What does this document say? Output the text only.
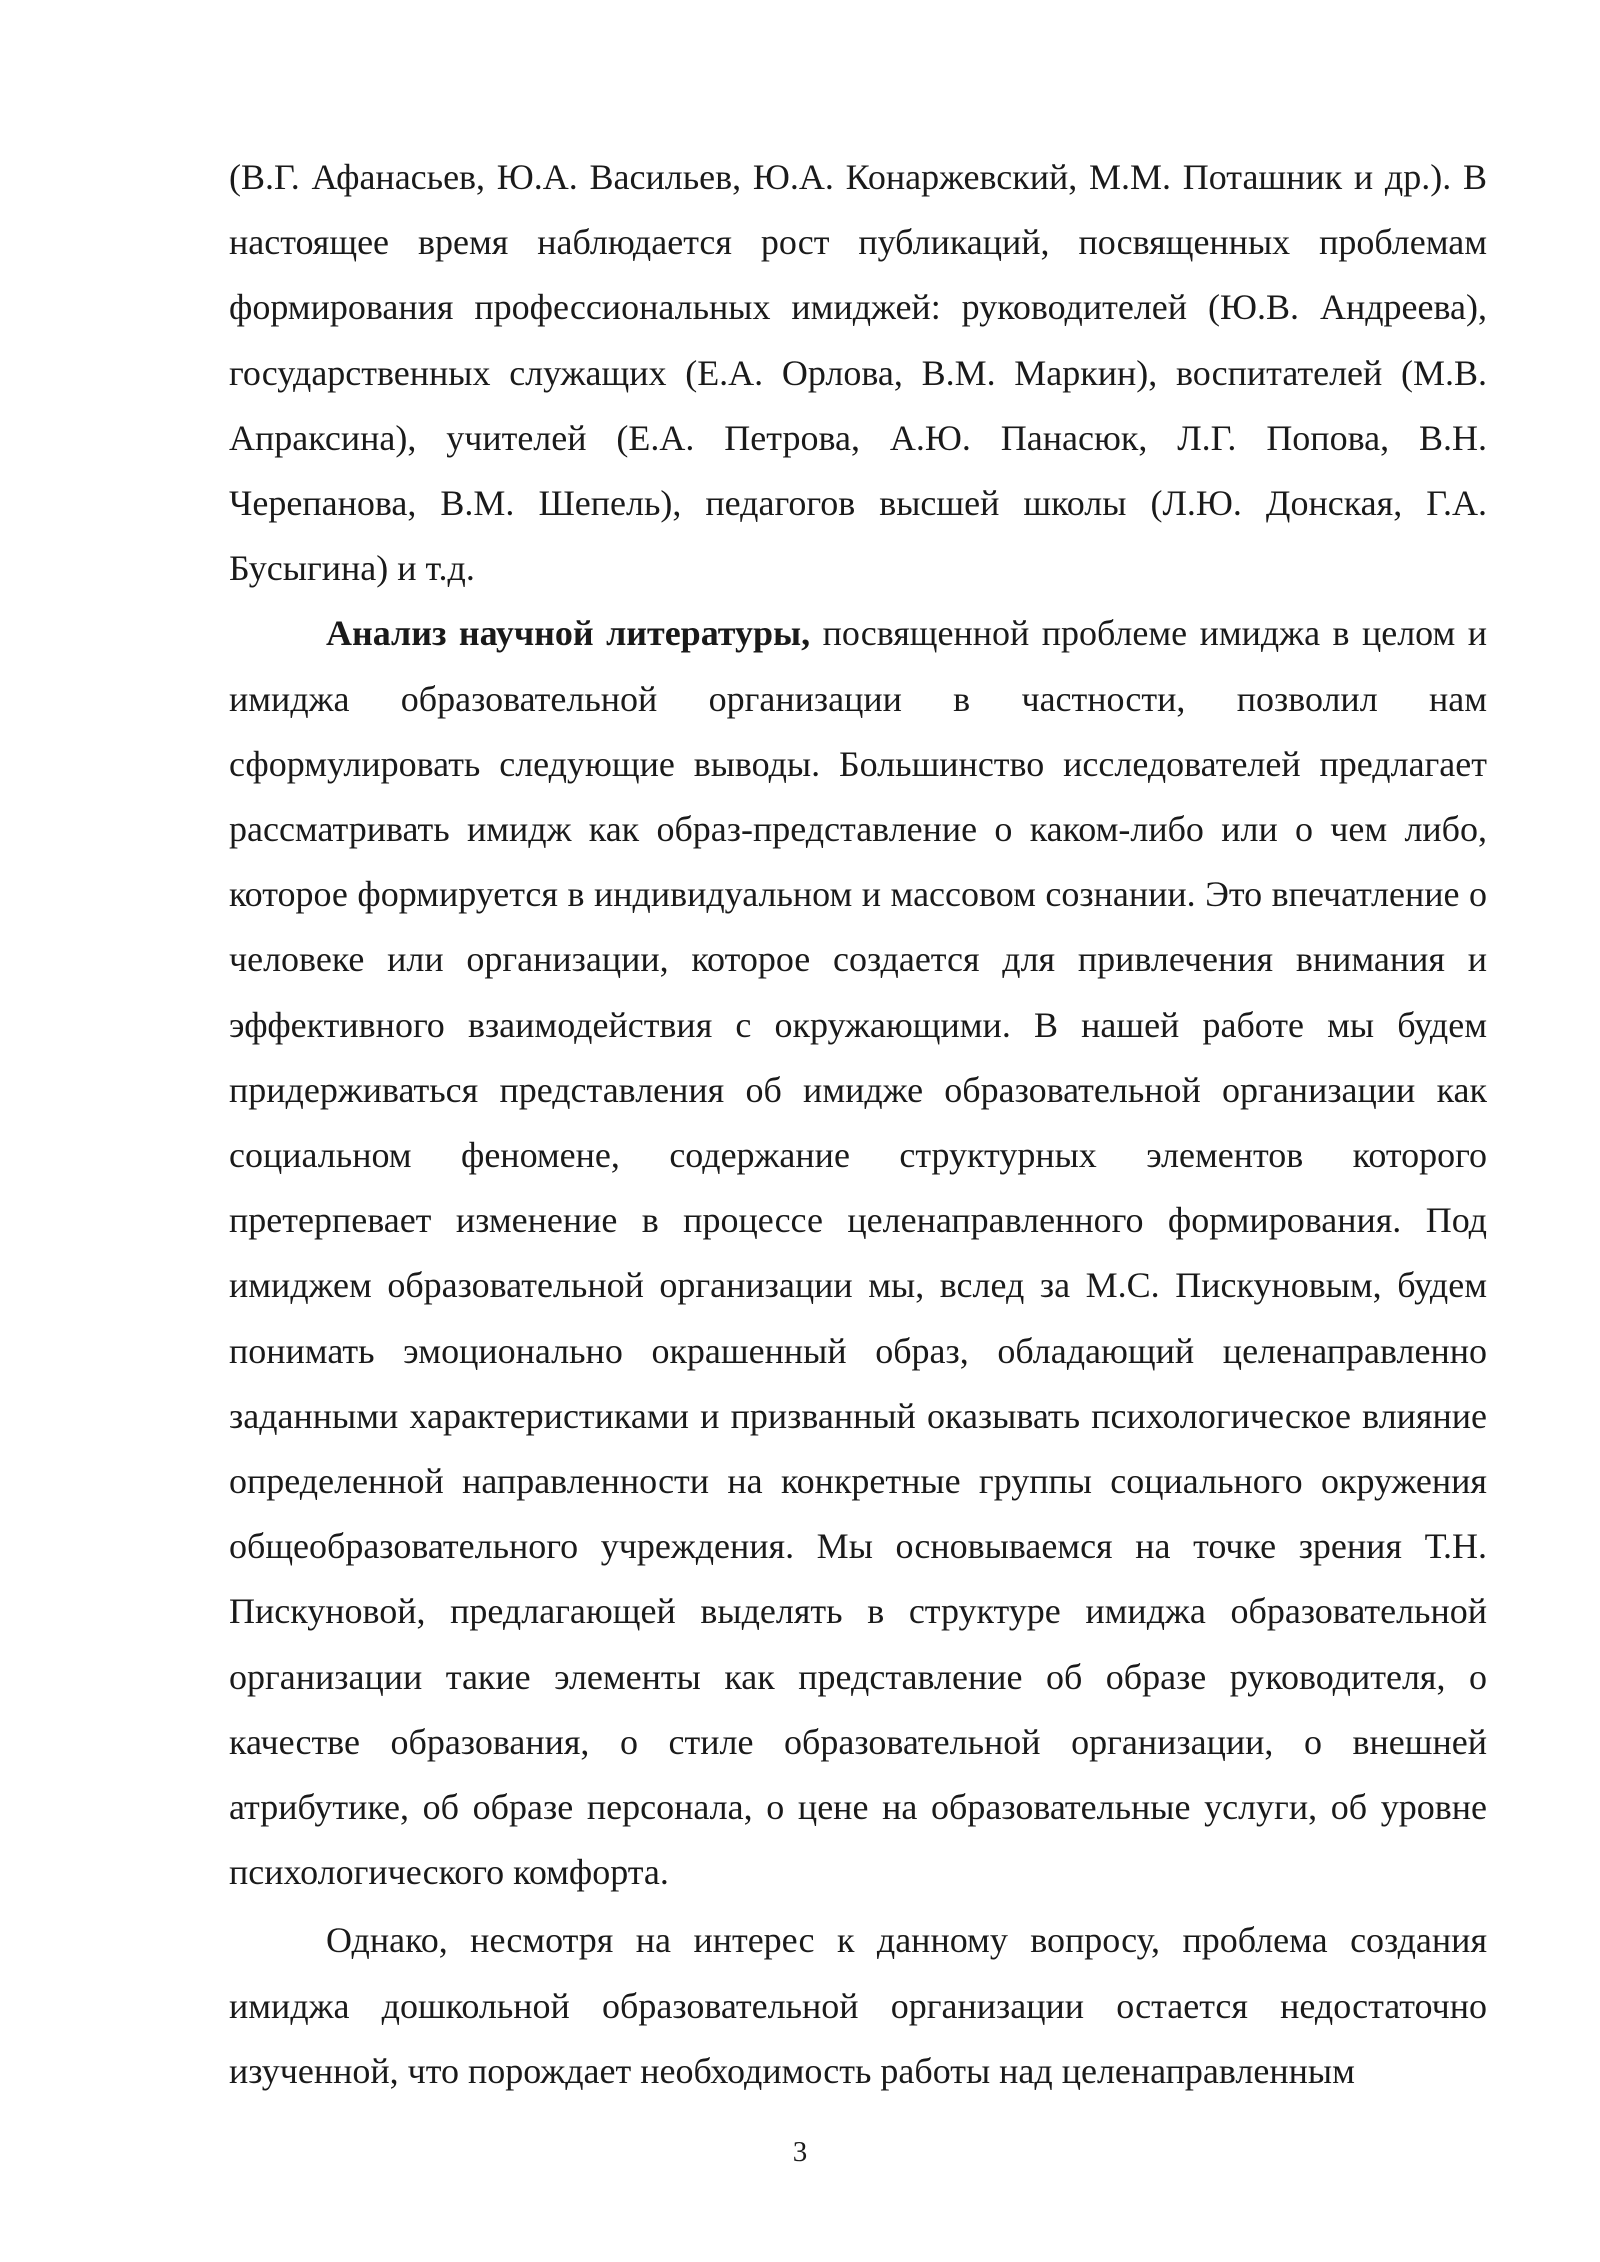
(В.Г. Афанасьев, Ю.А. Васильев, Ю.А. Конаржевский, М.М. Поташник и др.). В настоящее время наблюдается рост публикаций, посвященных проблемам формирования профессиональных имиджей: руководителей (Ю.В. Андреева), государственных служащих (Е.А. Орлова, В.М. Маркин), воспитателей (М.В. Апраксина), учителей (Е.А. Петрова, А.Ю. Панасюк, Л.Г. Попова, В.Н. Черепанова, В.М. Шепель), педагогов высшей школы (Л.Ю. Донская, Г.А. Бусыгина) и т.д.

Анализ научной литературы, посвященной проблеме имиджа в целом и имиджа образовательной организации в частности, позволил нам сформулировать следующие выводы. Большинство исследователей предлагает рассматривать имидж как образ-представление о каком-либо или о чем либо, которое формируется в индивидуальном и массовом сознании. Это впечатление о человеке или организации, которое создается для привлечения внимания и эффективного взаимодействия с окружающими. В нашей работе мы будем придерживаться представления об имидже образовательной организации как социальном феномене, содержание структурных элементов которого претерпевает изменение в процессе целенаправленного формирования. Под имиджем образовательной организации мы, вслед за М.С. Пискуновым, будем понимать эмоционально окрашенный образ, обладающий целенаправленно заданными характеристиками и призванный оказывать психологическое влияние определенной направленности на конкретные группы социального окружения общеобразовательного учреждения. Мы основываемся на точке зрения Т.Н. Пискуновой, предлагающей выделять в структуре имиджа образовательной организации такие элементы как представление об образе руководителя, о качестве образования, о стиле образовательной организации, о внешней атрибутике, об образе персонала, о цене на образовательные услуги, об уровне психологического комфорта.

Однако, несмотря на интерес к данному вопросу, проблема создания имиджа дошкольной образовательной организации остается недостаточно изученной, что порождает необходимость работы над целенаправленным

3
